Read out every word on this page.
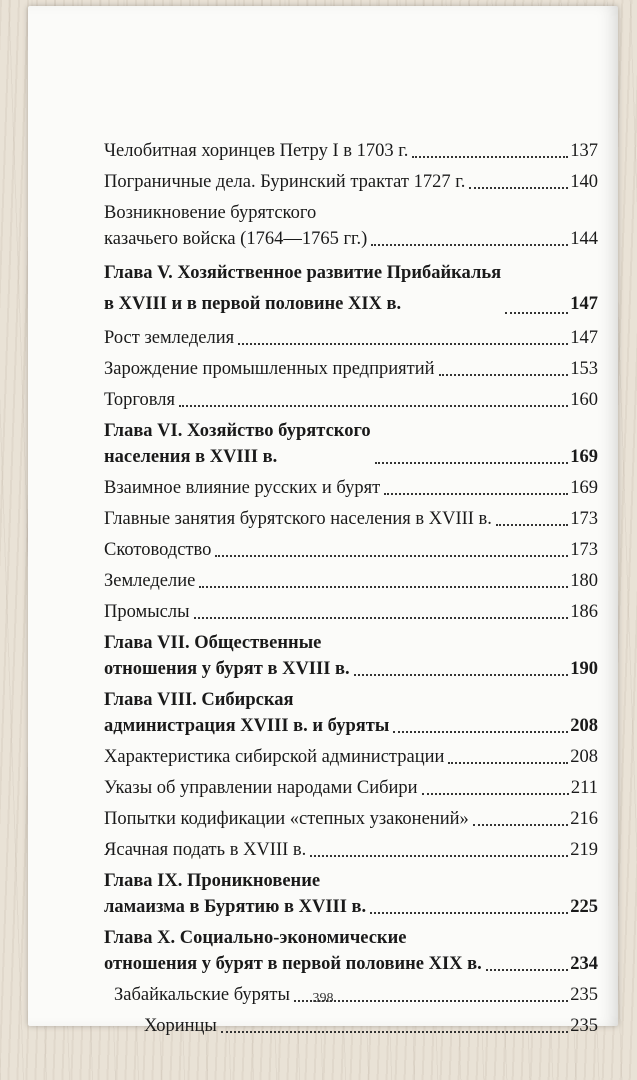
Челобитная хоринцев Петру I в 1703 г.	137
Пограничные дела. Буринский трактат 1727 г.	140
Возникновение бурятского
казачьего войска (1764—1765 гг.)	144
Глава V. Хозяйственное развитие Прибайкалья
в XVIII и в первой половине XIX в.	147
Рост земледелия	147
Зарождение промышленных предприятий	153
Торговля	160
Глава VI. Хозяйство бурятского
населения в XVIII в.	169
Взаимное влияние русских и бурят	169
Главные занятия бурятского населения в XVIII в.	173
Скотоводство	173
Земледелие	180
Промыслы	186
Глава VII. Общественные
отношения у бурят в XVIII в.	190
Глава VIII. Сибирская
администрация XVIII в. и буряты	208
Характеристика сибирской администрации	208
Указы об управлении народами Сибири	211
Попытки кодификации «степных узаконений»	216
Ясачная подать в XVIII в.	219
Глава IX. Проникновение
ламаизма в Бурятию в XVIII в.	225
Глава X. Социально-экономические
отношения у бурят в первой половине XIX в.	234
Забайкальские буряты	235
Хоринцы	235
398
